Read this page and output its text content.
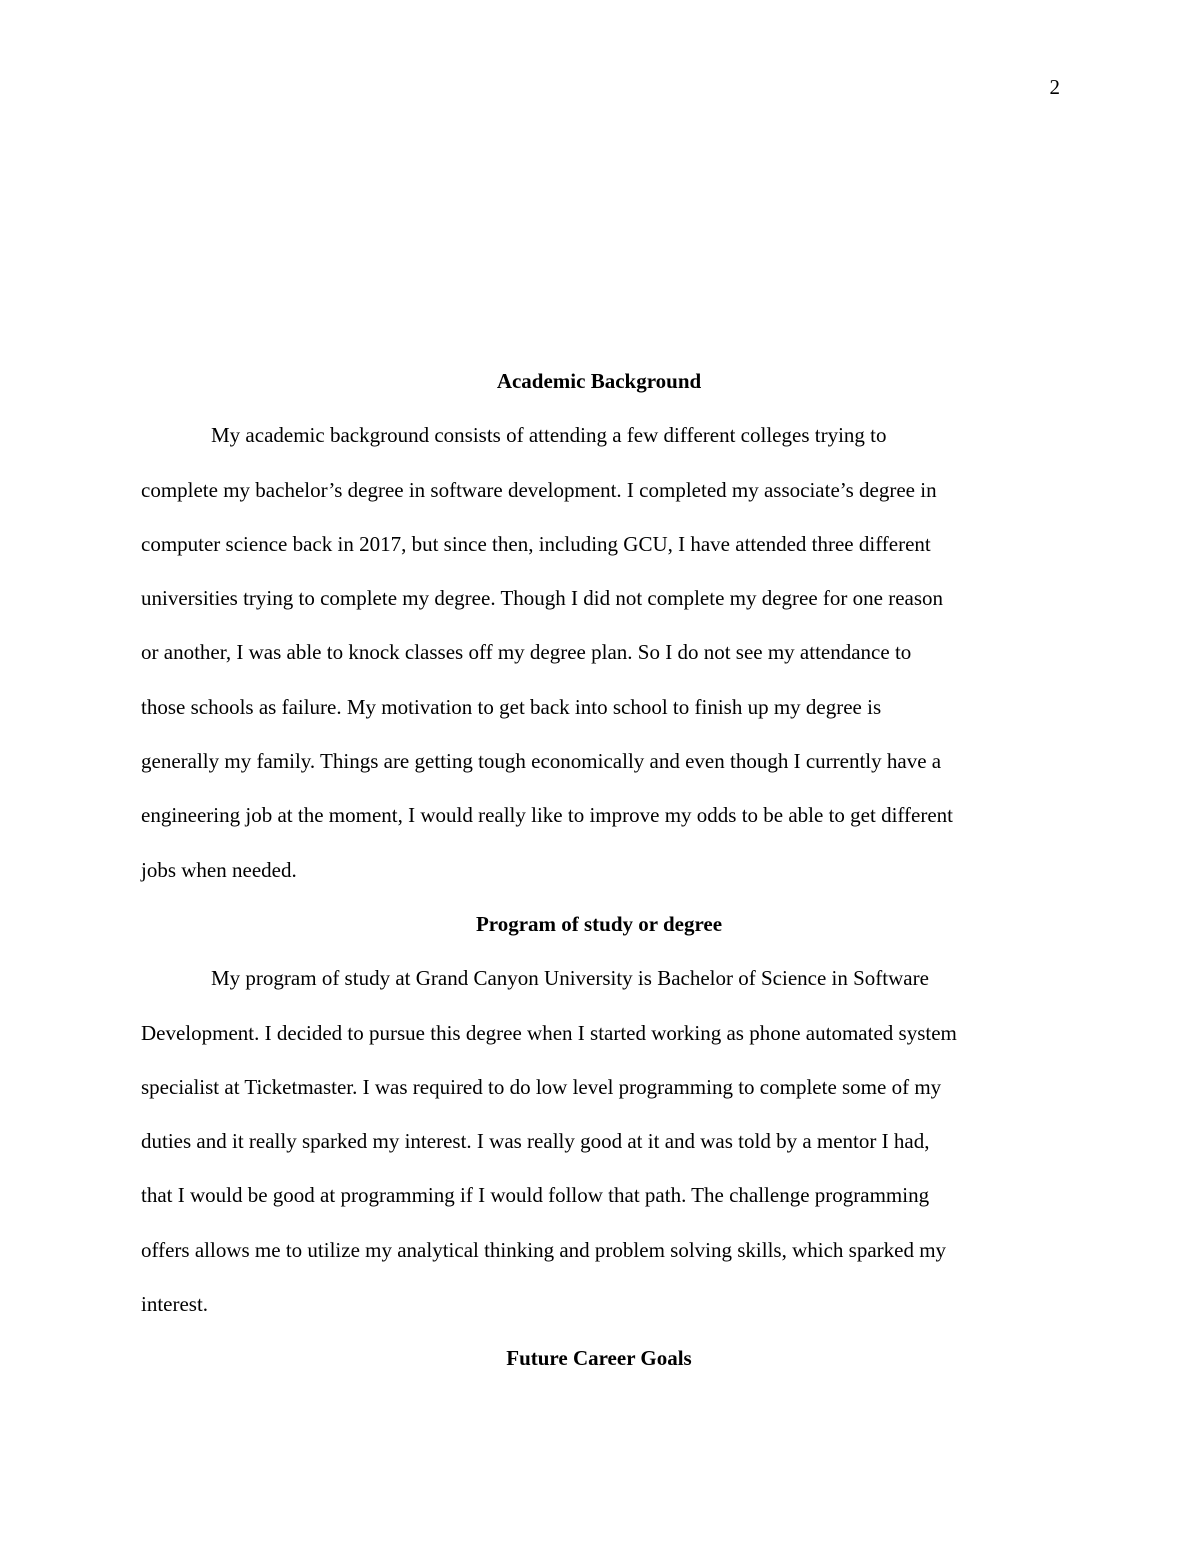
2
Academic Background
My academic background consists of attending a few different colleges trying to
complete my bachelor’s degree in software development. I completed my associate’s degree in
computer science back in 2017, but since then, including GCU, I have attended three different
universities trying to complete my degree. Though I did not complete my degree for one reason
or another, I was able to knock classes off my degree plan. So I do not see my attendance to
those schools as failure. My motivation to get back into school to finish up my degree is
generally my family. Things are getting tough economically and even though I currently have a
engineering job at the moment, I would really like to improve my odds to be able to get different
jobs when needed.
Program of study or degree
My program of study at Grand Canyon University is Bachelor of Science in Software
Development. I decided to pursue this degree when I started working as phone automated system
specialist at Ticketmaster. I was required to do low level programming to complete some of my
duties and it really sparked my interest. I was really good at it and was told by a mentor I had,
that I would be good at programming if I would follow that path. The challenge programming
offers allows me to utilize my analytical thinking and problem solving skills, which sparked my
interest.
Future Career Goals
